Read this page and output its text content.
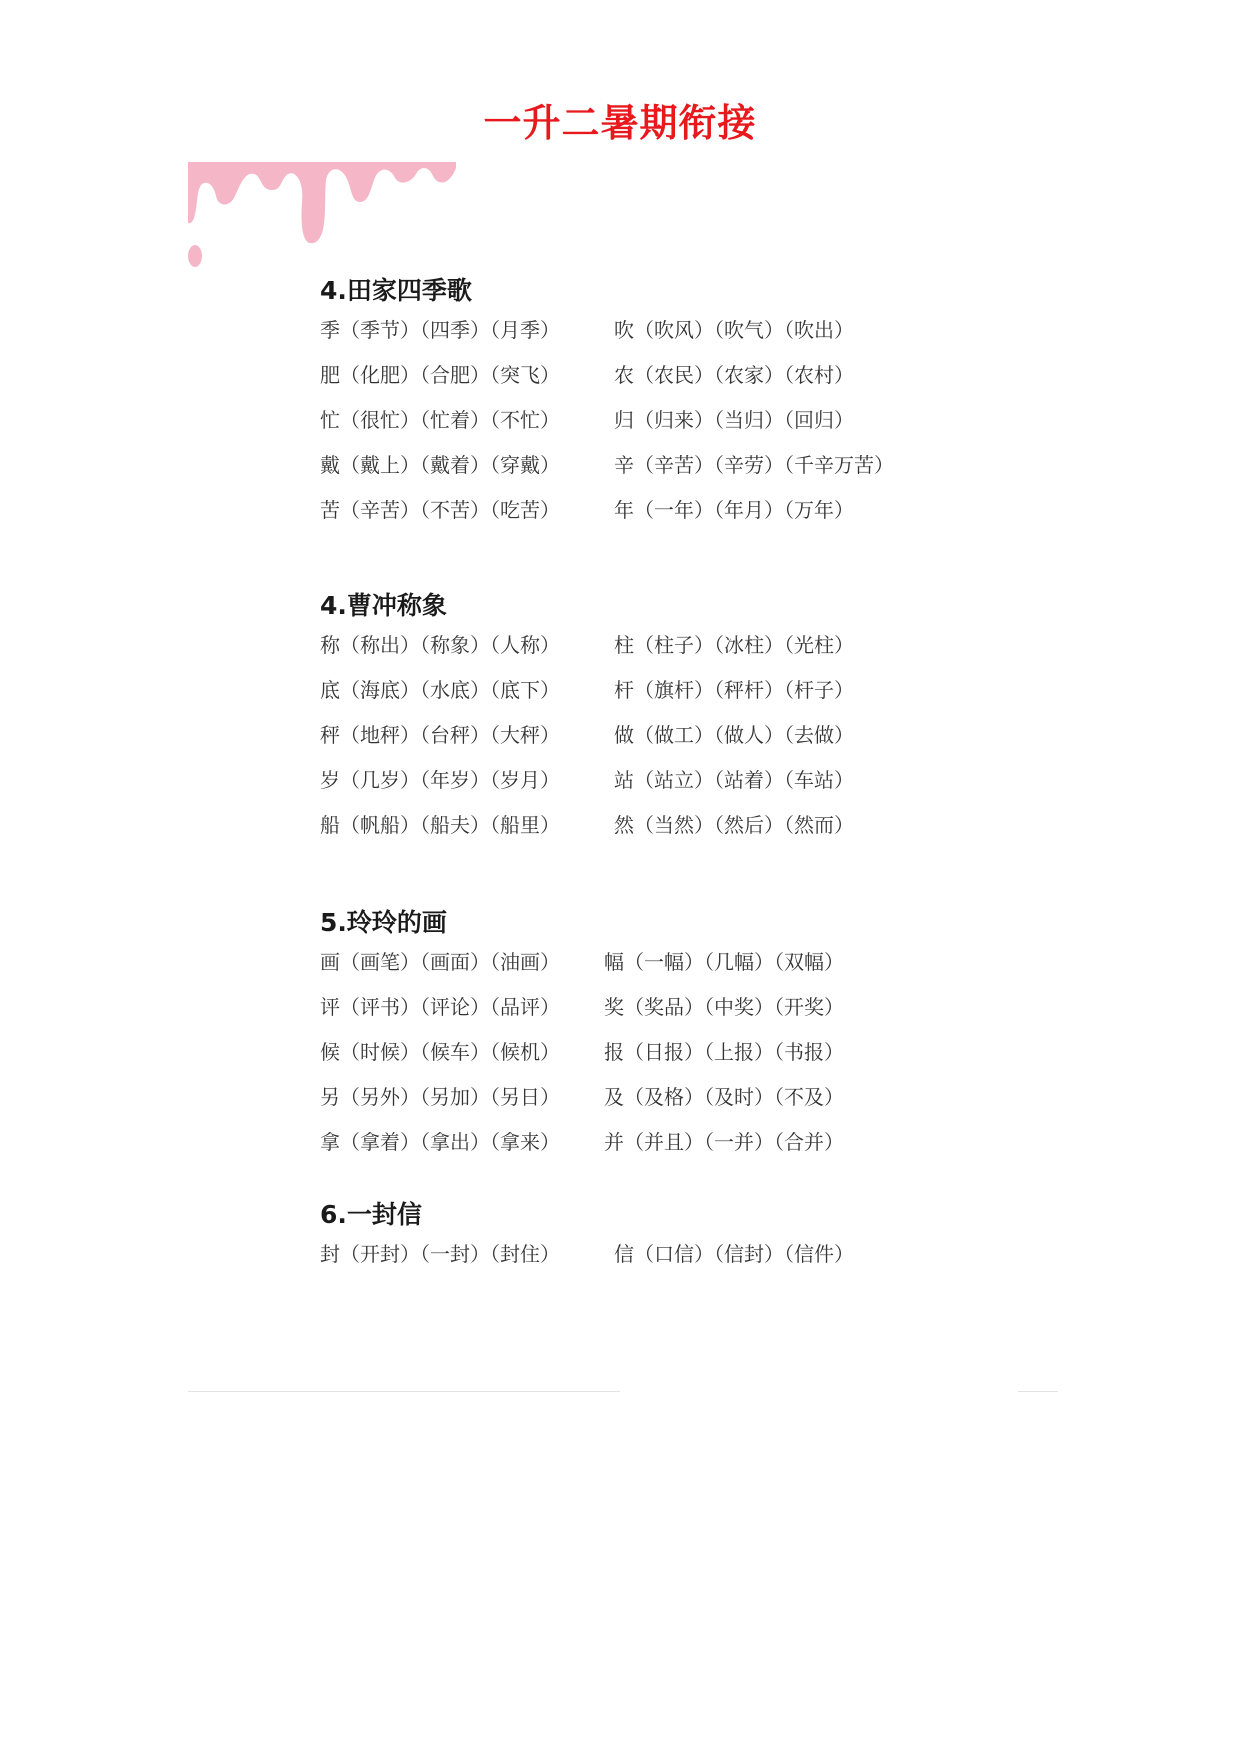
一升二暑期衔接
4.田家四季歌
季（季节）（四季）（月季）	吹（吹风）（吹气）（吹出）
肥（化肥）（合肥）（突飞）	农（农民）（农家）（农村）
忙（很忙）（忙着）（不忙）	归（归来）（当归）（回归）
戴（戴上）（戴着）（穿戴）	辛（辛苦）（辛劳）（千辛万苦）
苦（辛苦）（不苦）（吃苦）	年（一年）（年月）（万年）
4.曹冲称象
称（称出）（称象）（人称）	柱（柱子）（冰柱）（光柱）
底（海底）（水底）（底下）	杆（旗杆）（秤杆）（杆子）
秤（地秤）（台秤）（大秤）	做（做工）（做人）（去做）
岁（几岁）（年岁）（岁月）	站（站立）（站着）（车站）
船（帆船）（船夫）（船里）	然（当然）（然后）（然而）
5.玲玲的画
画（画笔）（画面）（油画） 幅（一幅）（几幅）（双幅）
评（评书）（评论）（品评） 奖（奖品）（中奖）（开奖）
候（时候）（候车）（候机） 报（日报）（上报）（书报）
另（另外）（另加）（另日） 及（及格）（及时）（不及）
拿（拿着）（拿出）（拿来） 并（并且）（一并）（合并）
6.一封信
封（开封）（一封）（封住）	信（口信）（信封）（信件）
